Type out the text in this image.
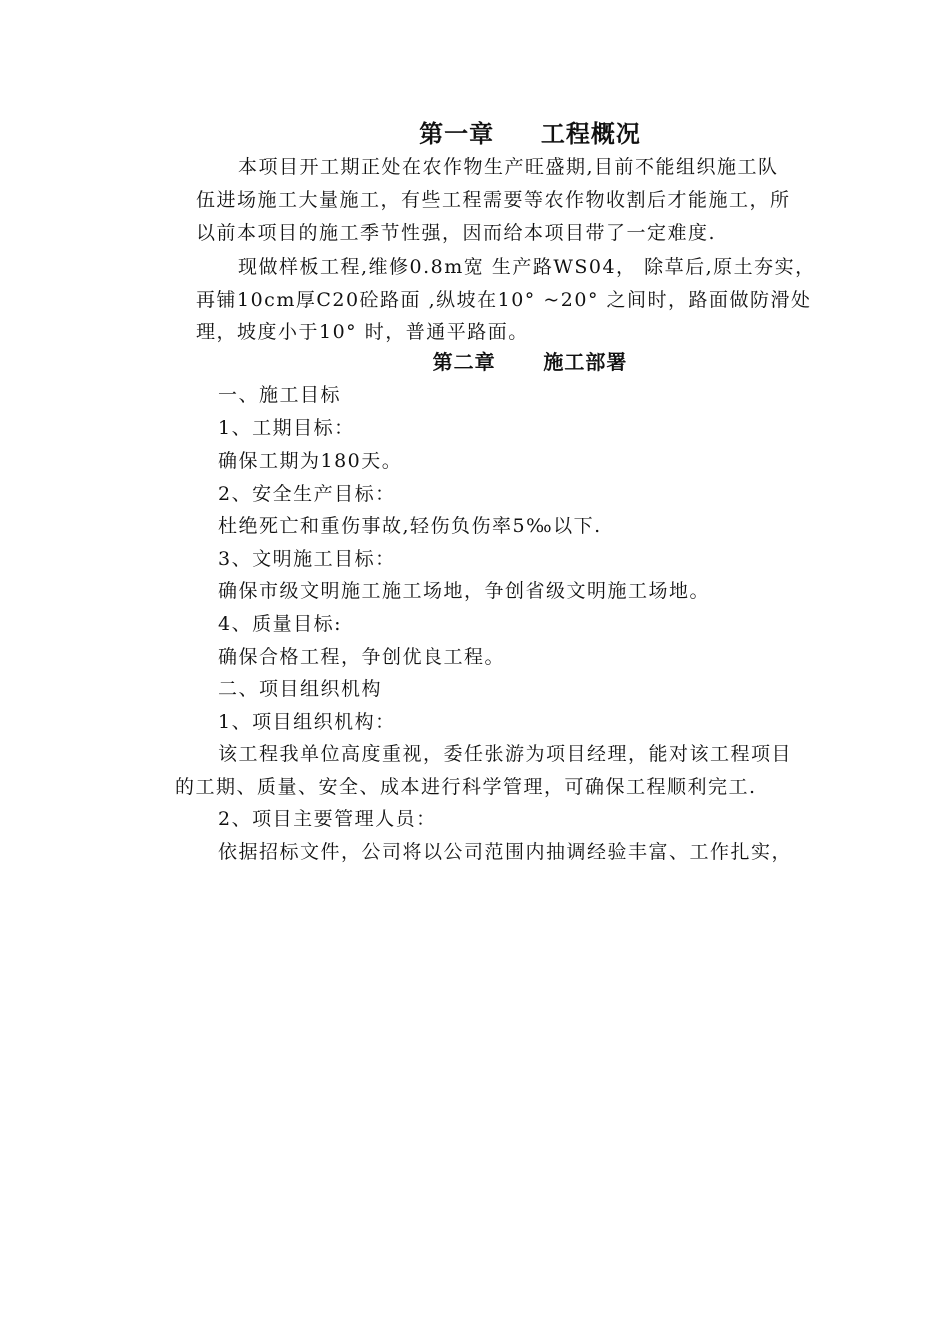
第一章     工程概况

本项目开工期正处在农作物生产旺盛期,目前不能组织施工队

伍进场施工大量施工，有些工程需要等农作物收割后才能施工，所

以前本项目的施工季节性强，因而给本项目带了一定难度.

现做样板工程,维修0.8m宽 生产路WS04， 除草后,原土夯实，

再铺10cm厚C20砼路面 ,纵坡在10° ~20° 之间时，路面做防滑处

理，坡度小于10° 时，普通平路面。

第二章      施工部署

一、施工目标

1、工期目标：

确保工期为180天。

2、安全生产目标：

杜绝死亡和重伤事故,轻伤负伤率5‰以下.

3、文明施工目标：

确保市级文明施工施工场地，争创省级文明施工场地。

4、质量目标:

确保合格工程，争创优良工程。

二、项目组织机构

1、项目组织机构：

该工程我单位高度重视，委任张游为项目经理，能对该工程项目

的工期、质量、安全、成本进行科学管理，可确保工程顺利完工.

2、项目主要管理人员：

依据招标文件，公司将以公司范围内抽调经验丰富、工作扎实，
